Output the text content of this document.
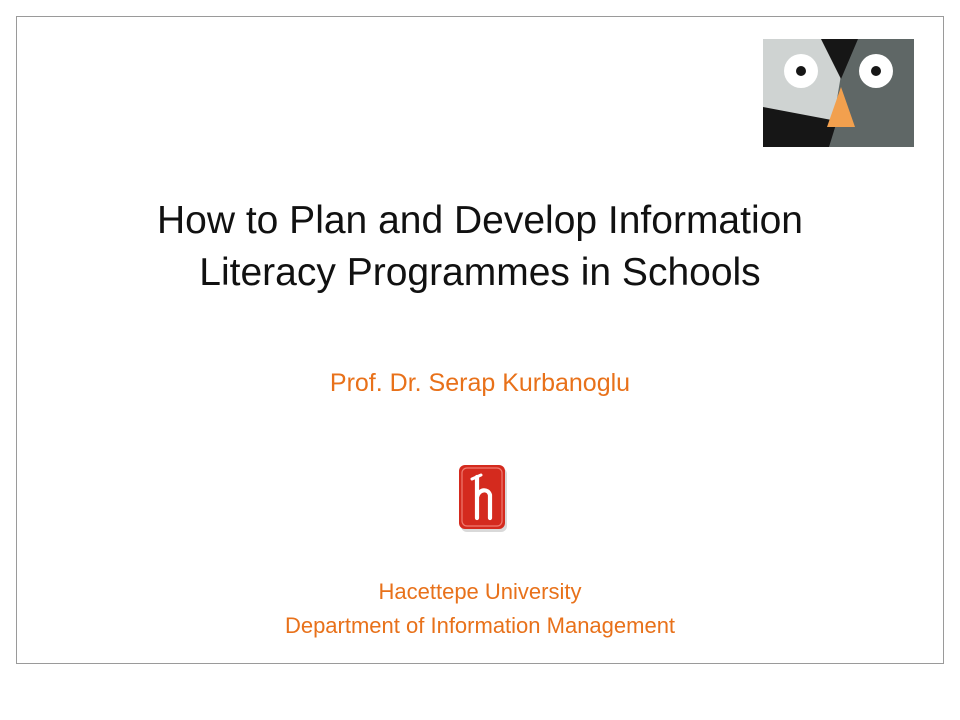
How to Plan and Develop Information
Literacy Programmes in Schools
Prof. Dr. Serap Kurbanoglu
Hacettepe University
Department of Information Management
